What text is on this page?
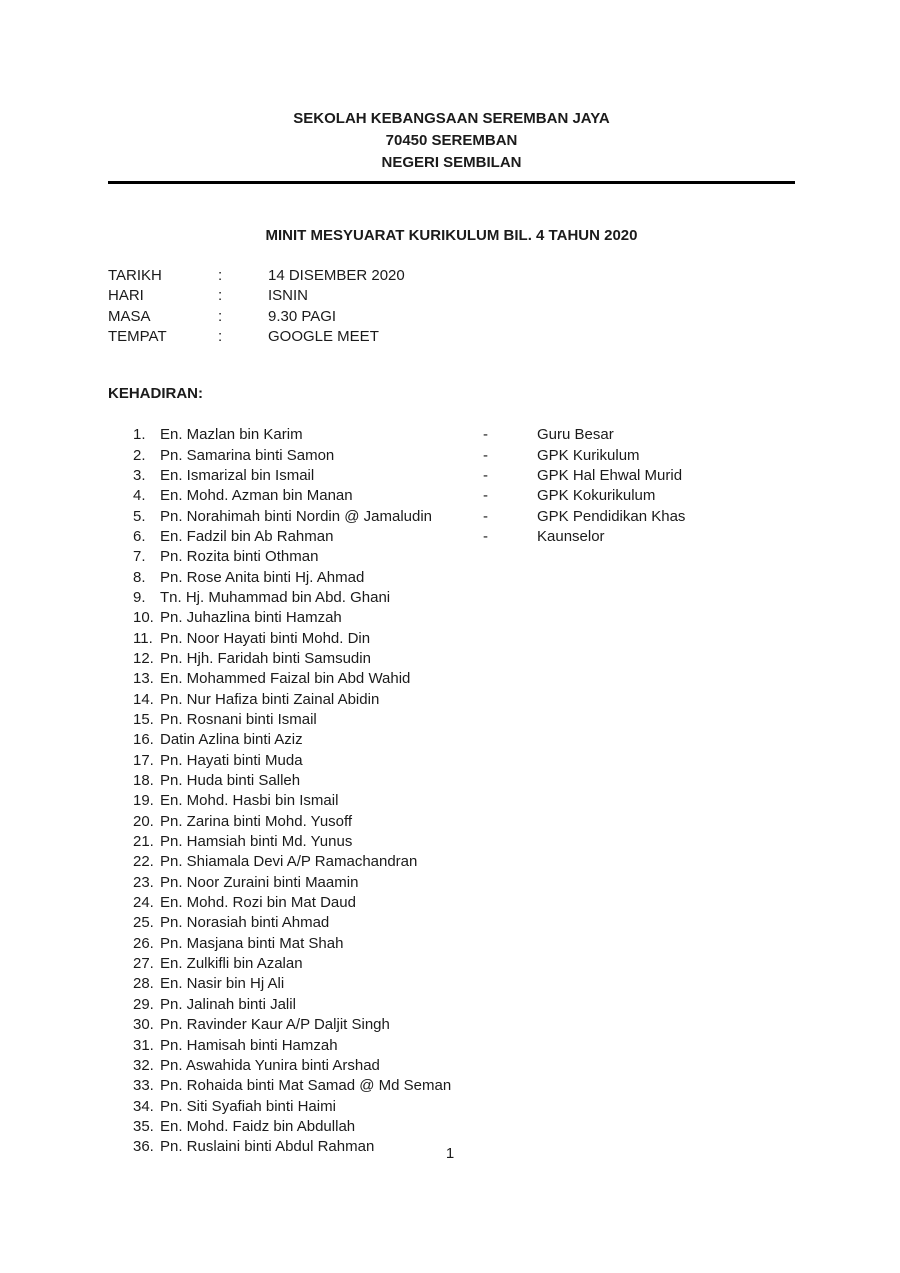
SEKOLAH KEBANGSAAN SEREMBAN JAYA
70450 SEREMBAN
NEGERI SEMBILAN
MINIT MESYUARAT KURIKULUM BIL. 4 TAHUN 2020
TARIKH	:	14 DISEMBER 2020
HARI	:	ISNIN
MASA	:	9.30 PAGI
TEMPAT	:	GOOGLE MEET
KEHADIRAN:
1. En. Mazlan bin Karim	-	Guru Besar
2. Pn. Samarina binti Samon	-	GPK Kurikulum
3. En. Ismarizal bin Ismail	-	GPK Hal Ehwal Murid
4. En. Mohd. Azman bin Manan	-	GPK Kokurikulum
5. Pn. Norahimah binti Nordin @ Jamaludin	-	GPK Pendidikan Khas
6. En. Fadzil bin Ab Rahman	-	Kaunselor
7. Pn. Rozita binti Othman
8. Pn. Rose Anita binti Hj. Ahmad
9. Tn. Hj. Muhammad bin Abd. Ghani
10. Pn. Juhazlina binti Hamzah
11. Pn. Noor Hayati binti Mohd. Din
12. Pn. Hjh. Faridah binti Samsudin
13. En. Mohammed Faizal bin Abd Wahid
14. Pn. Nur Hafiza binti Zainal Abidin
15. Pn. Rosnani binti Ismail
16. Datin Azlina binti Aziz
17. Pn. Hayati binti Muda
18. Pn. Huda binti Salleh
19. En. Mohd. Hasbi bin Ismail
20. Pn. Zarina binti Mohd. Yusoff
21. Pn. Hamsiah binti Md. Yunus
22. Pn. Shiamala Devi A/P Ramachandran
23. Pn. Noor Zuraini binti Maamin
24. En. Mohd. Rozi bin Mat Daud
25. Pn. Norasiah binti Ahmad
26. Pn. Masjana binti Mat Shah
27. En. Zulkifli bin Azalan
28. En. Nasir bin Hj Ali
29. Pn. Jalinah binti Jalil
30. Pn. Ravinder Kaur A/P Daljit Singh
31. Pn. Hamisah binti Hamzah
32. Pn. Aswahida Yunira binti Arshad
33. Pn. Rohaida binti Mat Samad @ Md Seman
34. Pn. Siti Syafiah binti Haimi
35. En. Mohd. Faidz bin Abdullah
36. Pn. Ruslaini binti Abdul Rahman	1
